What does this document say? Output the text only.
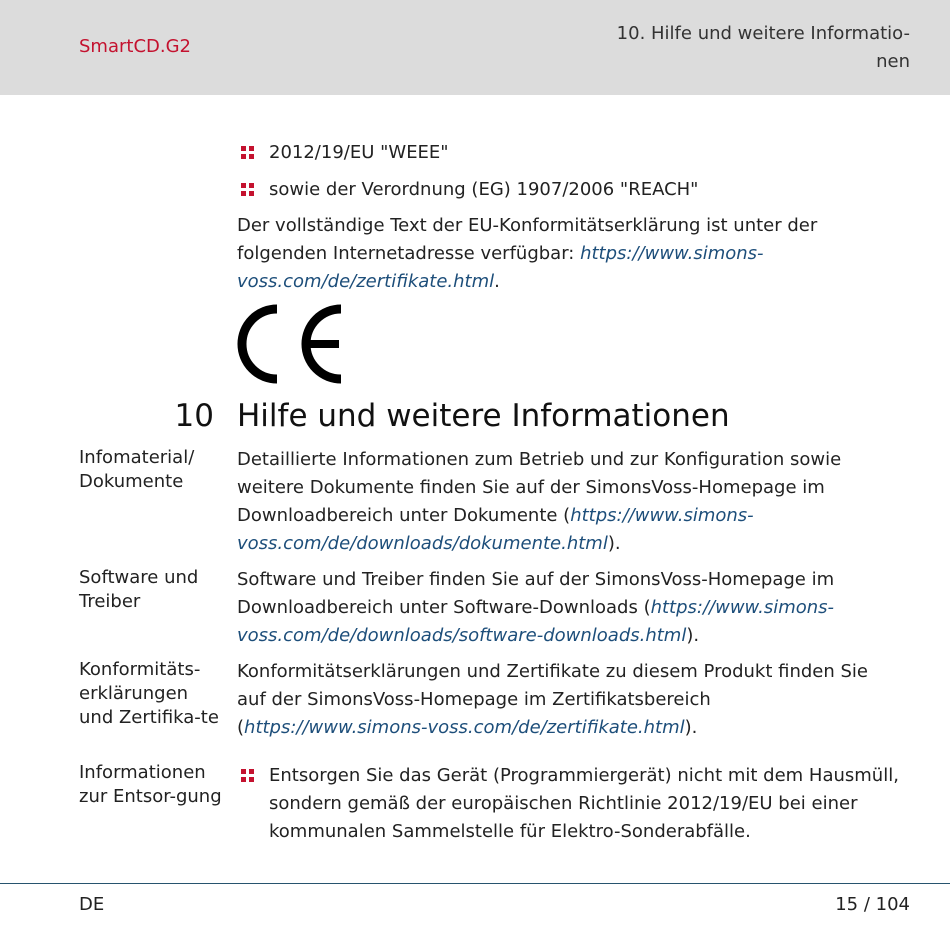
SmartCD.G2
10. Hilfe und weitere Informatio-
nen
2012/19/EU "WEEE"
sowie der Verordnung (EG) 1907/2006 "REACH"
Der vollständige Text der EU-Konformitätserklärung ist unter der folgenden Internetadresse verfügbar: https://www.simons-voss.com/de/zertifikate.html.
10 Hilfe und weitere Informationen
Infomaterial/ Dokumente
Detaillierte Informationen zum Betrieb und zur Konfiguration sowie weitere Dokumente finden Sie auf der SimonsVoss-Homepage im Downloadbereich unter Dokumente (https://www.simons-voss.com/de/downloads/dokumente.html).
Software und Treiber
Software und Treiber finden Sie auf der SimonsVoss-Homepage im Downloadbereich unter Software-Downloads (https://www.simons-voss.com/de/downloads/software-downloads.html).
Konformitäts-erklärungen und Zertifika-te
Konformitätserklärungen und Zertifikate zu diesem Produkt finden Sie auf der SimonsVoss-Homepage im Zertifikatsbereich (https://www.simons-voss.com/de/zertifikate.html).
Informationen zur Entsor-gung
Entsorgen Sie das Gerät (Programmiergerät) nicht mit dem Hausmüll, sondern gemäß der europäischen Richtlinie 2012/19/EU bei einer kommunalen Sammelstelle für Elektro-Sonderabfälle.
DE	15 / 104
